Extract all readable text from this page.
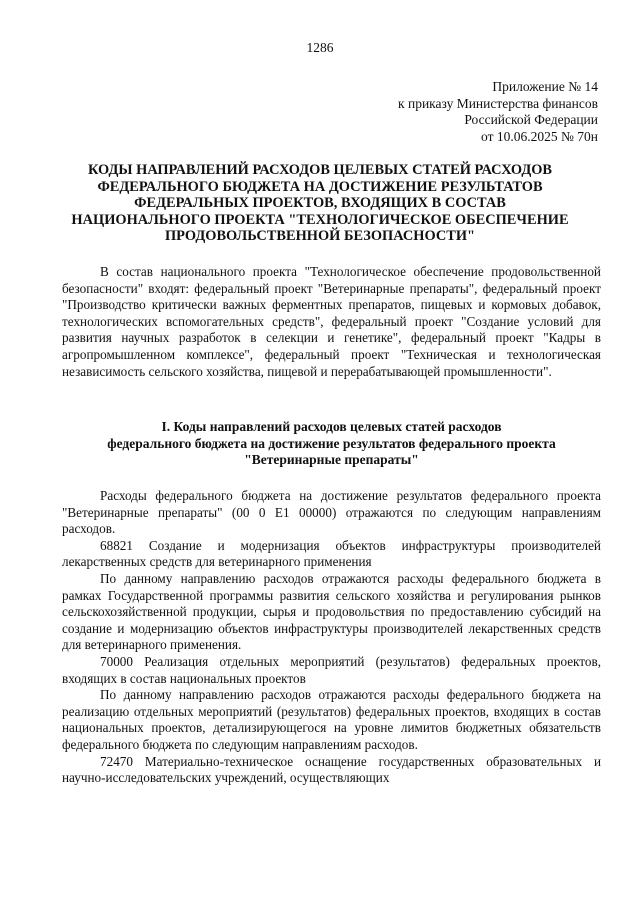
1286
Приложение № 14
к приказу Министерства финансов
Российской Федерации
от 10.06.2025 № 70н
КОДЫ НАПРАВЛЕНИЙ РАСХОДОВ ЦЕЛЕВЫХ СТАТЕЙ РАСХОДОВ
ФЕДЕРАЛЬНОГО БЮДЖЕТА НА ДОСТИЖЕНИЕ РЕЗУЛЬТАТОВ
ФЕДЕРАЛЬНЫХ ПРОЕКТОВ, ВХОДЯЩИХ В СОСТАВ
НАЦИОНАЛЬНОГО ПРОЕКТА "ТЕХНОЛОГИЧЕСКОЕ ОБЕСПЕЧЕНИЕ
ПРОДОВОЛЬСТВЕННОЙ БЕЗОПАСНОСТИ"

В состав национального проекта "Технологическое обеспечение продовольственной безопасности" входят: федеральный проект "Ветеринарные препараты", федеральный проект "Производство критически важных ферментных препаратов, пищевых и кормовых добавок, технологических вспомогательных средств", федеральный проект "Создание условий для развития научных разработок в селекции и генетике", федеральный проект "Кадры в агропромышленном комплексе", федеральный проект "Техническая и технологическая независимость сельского хозяйства, пищевой и перерабатывающей промышленности".

I. Коды направлений расходов целевых статей расходов
федерального бюджета на достижение результатов федерального проекта
"Ветеринарные препараты"

Расходы федерального бюджета на достижение результатов федерального проекта "Ветеринарные препараты" (00 0 Е1 00000) отражаются по следующим направлениям расходов.

68821 Создание и модернизация объектов инфраструктуры производителей лекарственных средств для ветеринарного применения

По данному направлению расходов отражаются расходы федерального бюджета в рамках Государственной программы развития сельского хозяйства и регулирования рынков сельскохозяйственной продукции, сырья и продовольствия по предоставлению субсидий на создание и модернизацию объектов инфраструктуры производителей лекарственных средств для ветеринарного применения.

70000 Реализация отдельных мероприятий (результатов) федеральных проектов, входящих в состав национальных проектов

По данному направлению расходов отражаются расходы федерального бюджета на реализацию отдельных мероприятий (результатов) федеральных проектов, входящих в состав национальных проектов, детализирующегося на уровне лимитов бюджетных обязательств федерального бюджета по следующим направлениям расходов.

72470 Материально-техническое оснащение государственных образовательных и научно-исследовательских учреждений, осуществляющих
